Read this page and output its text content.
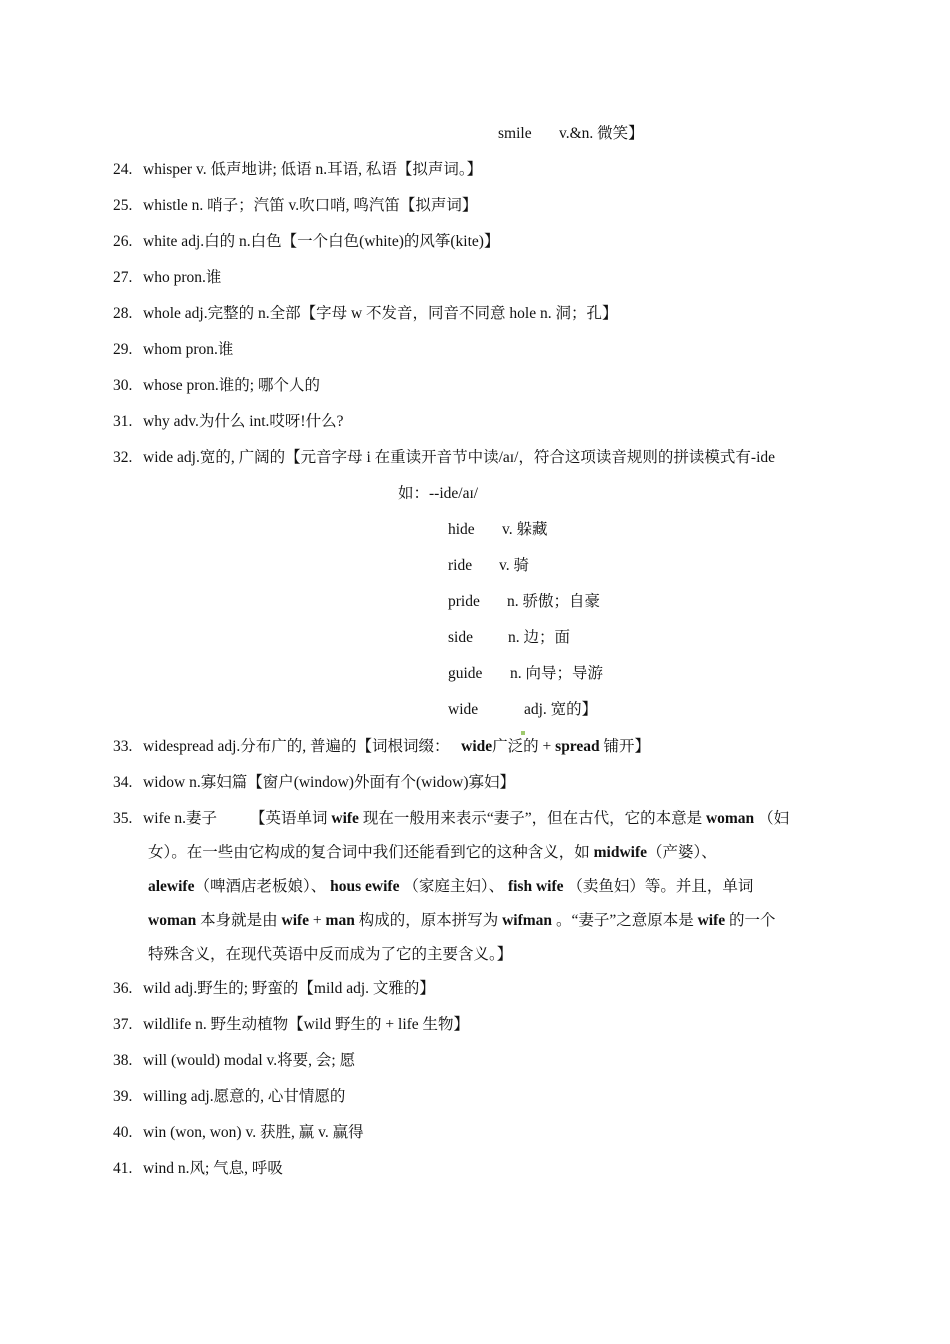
smile v.&n. 微笑】
24. whisper v. 低声地讲; 低语 n.耳语, 私语【拟声词。】
25. whistle n. 哨子；汽笛 v.吹口哨, 鸣汽笛【拟声词】
26. white adj.白的 n.白色【一个白色(white)的风筝(kite)】
27. who pron.谁
28. whole adj.完整的 n.全部【字母 w 不发音，同音不同意 hole n. 洞；孔】
29. whom pron.谁
30. whose pron.谁的; 哪个人的
31. why adv.为什么 int.哎呀!什么?
32. wide adj.宽的, 广阔的【元音字母 i 在重读开音节中读/aɪ/，符合这项读音规则的拼读模式有-ide
如：--ide/aɪ/
hide v. 躲藏
ride v. 骑
pride n. 骄傲；自豪
side n. 边；面
guide n. 向导；导游
wide	adj. 宽的】
33. widespread adj.分布广的, 普遍的【词根词缀： wide广泛的 + spread 铺开】
34. widow n.寡妇篇【窗户(window)外面有个(widow)寡妇】
35. wife n.妻子 【英语单词 wife 现在一般用来表示“妻子”，但在古代，它的本意是 woman （妇
女）。在一些由它构成的复合词中我们还能看到它的这种含义，如 midwife（产婆）、
alewife（啤酒店老板娘）、 hous ewife （家庭主妇）、 fish wife （卖鱼妇）等。并且，单词
woman 本身就是由 wife + man 构成的，原本拼写为 wifman 。“妻子”之意原本是 wife 的一个
特殊含义，在现代英语中反而成为了它的主要含义。】
36. wild adj.野生的; 野蛮的【mild adj. 文雅的】
37. wildlife n. 野生动植物【wild 野生的 + life 生物】
38. will (would) modal v.将要, 会; 愿
39. willing adj.愿意的, 心甘情愿的
40. win (won, won) v. 获胜, 赢 v. 赢得
41. wind n.风; 气息, 呼吸
